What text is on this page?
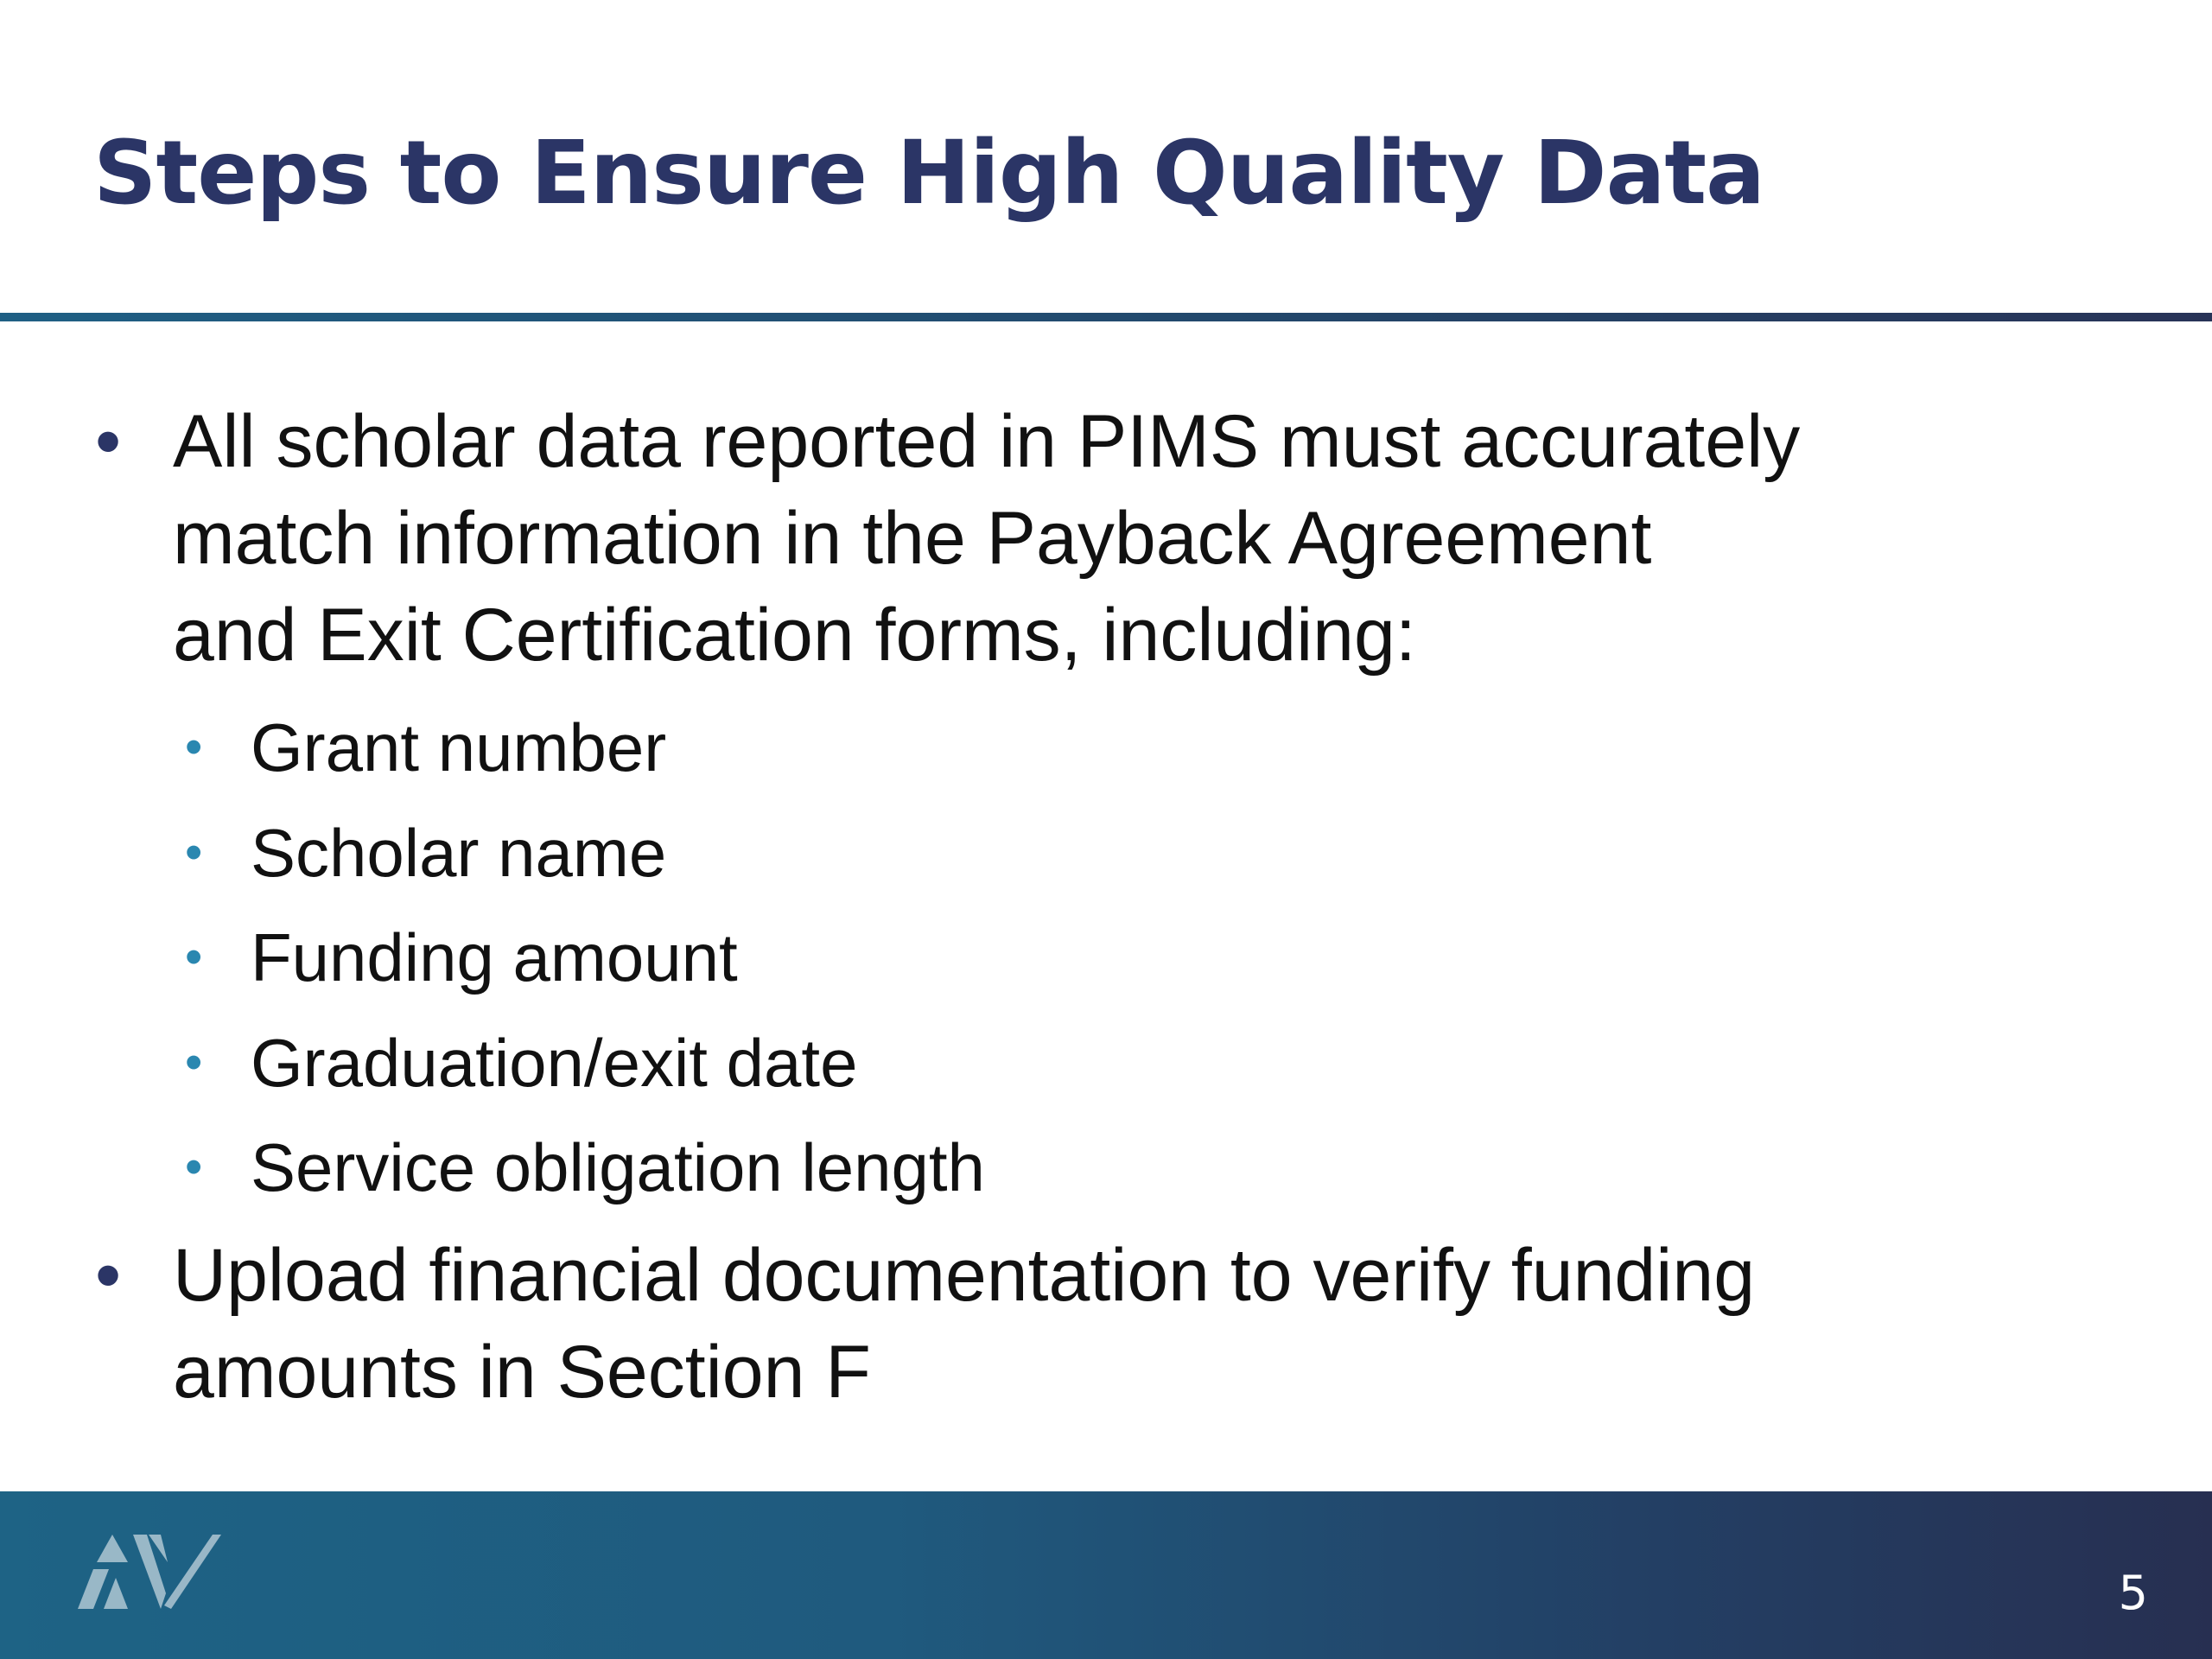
Steps to Ensure High Quality Data
• All scholar data reported in PIMS must accurately
match information in the Payback Agreement
and Exit Certification forms, including:
• Grant number
• Scholar name
• Funding amount
• Graduation/exit date
• Service obligation length
• Upload financial documentation to verify funding
amounts in Section F
5
